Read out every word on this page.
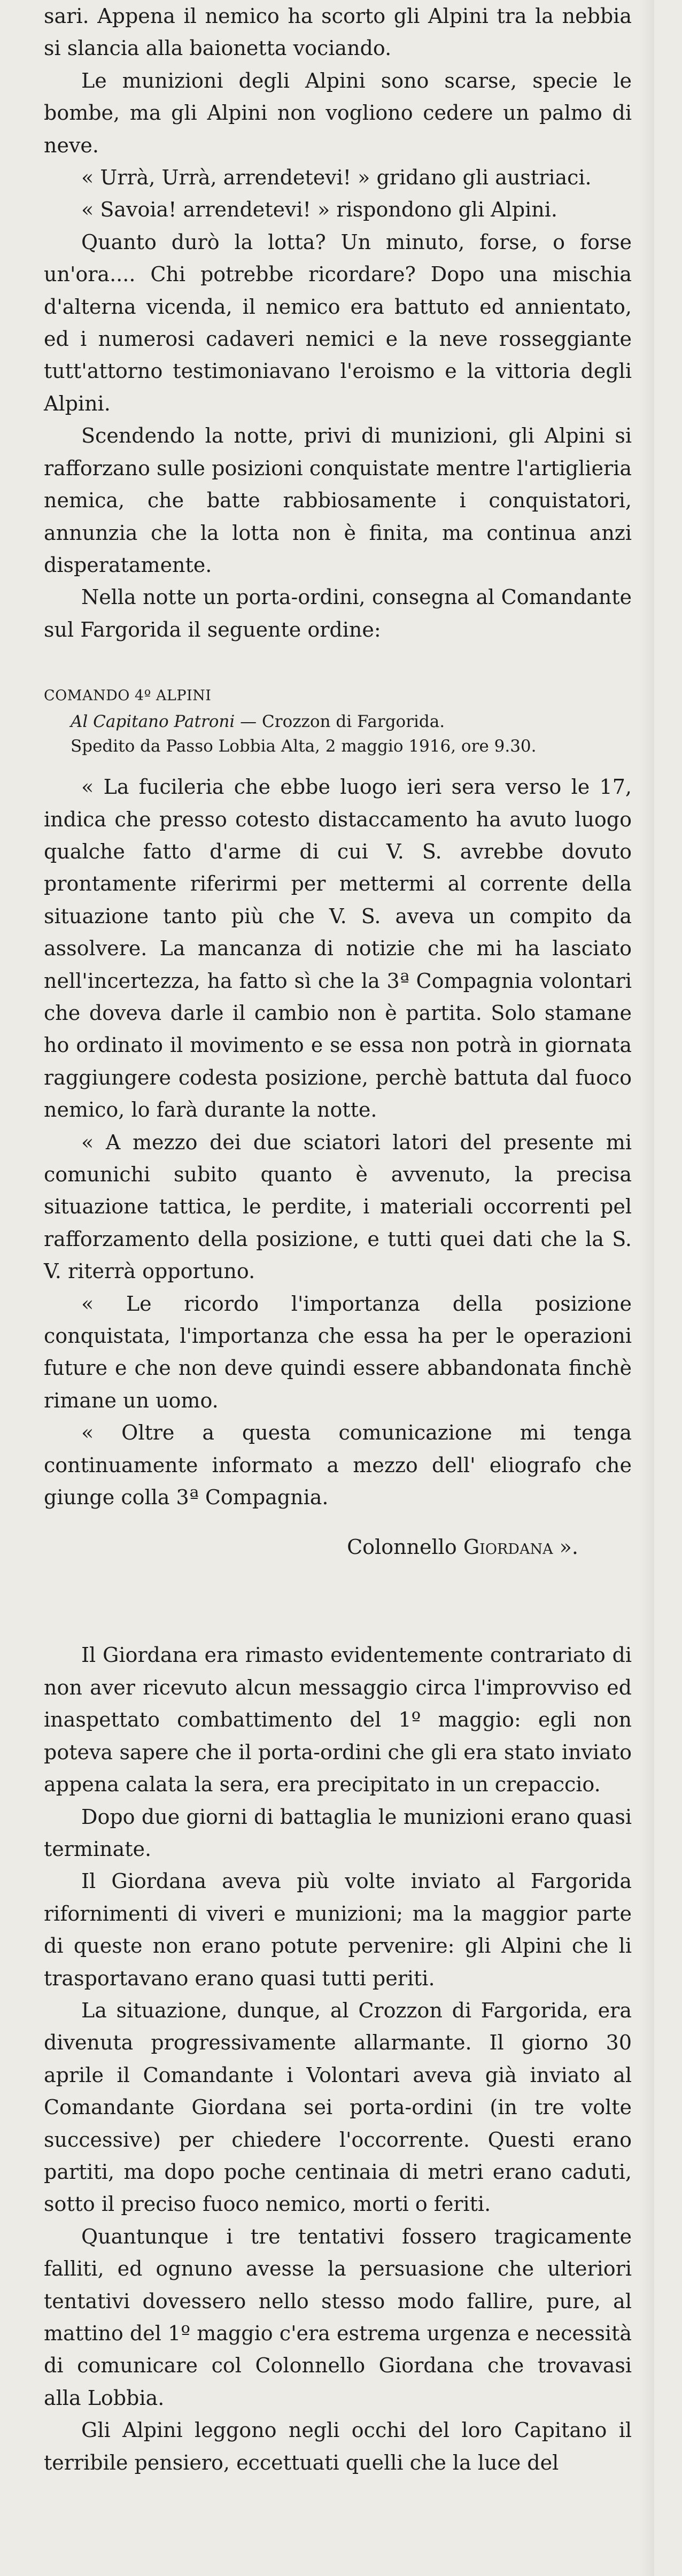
sari. Appena il nemico ha scorto gli Alpini tra la nebbia si slancia alla baionetta vociando.

Le munizioni degli Alpini sono scarse, specie le bombe, ma gli Alpini non vogliono cedere un palmo di neve.

« Urrà, Urrà, arrendetevi! » gridano gli austriaci.

« Savoia! arrendetevi! » rispondono gli Alpini.

Quanto durò la lotta? Un minuto, forse, o forse un'ora.... Chi potrebbe ricordare? Dopo una mischia d'alterna vicenda, il nemico era battuto ed annientato, ed i numerosi cadaveri nemici e la neve rosseggiante tutt'attorno testimoniavano l'eroismo e la vittoria degli Alpini.

Scendendo la notte, privi di munizioni, gli Alpini si rafforzano sulle posizioni conquistate mentre l'artiglieria nemica, che batte rabbiosamente i conquistatori, annunzia che la lotta non è finita, ma continua anzi disperatamente.

Nella notte un porta-ordini, consegna al Comandante sul Fargorida il seguente ordine:

COMANDO 4º ALPINI

Al Capitano Patroni — Crozzon di Fargorida.

Spedito da Passo Lobbia Alta, 2 maggio 1916, ore 9.30.

« La fucileria che ebbe luogo ieri sera verso le 17, indica che presso cotesto distaccamento ha avuto luogo qualche fatto d'arme di cui V. S. avrebbe dovuto prontamente riferirmi per mettermi al corrente della situazione tanto più che V. S. aveva un compito da assolvere. La mancanza di notizie che mi ha lasciato nell'incertezza, ha fatto sì che la 3ª Compagnia volontari che doveva darle il cambio non è partita. Solo stamane ho ordinato il movimento e se essa non potrà in giornata raggiungere codesta posizione, perchè battuta dal fuoco nemico, lo farà durante la notte.

« A mezzo dei due sciatori latori del presente mi comunichi subito quanto è avvenuto, la precisa situazione tattica, le perdite, i materiali occorrenti pel rafforzamento della posizione, e tutti quei dati che la S. V. riterrà opportuno.

« Le ricordo l'importanza della posizione conquistata, l'importanza che essa ha per le operazioni future e che non deve quindi essere abbandonata finchè rimane un uomo.

« Oltre a questa comunicazione mi tenga continuamente informato a mezzo dell' eliografo che giunge colla 3ª Compagnia.

Colonnello Giordana ».

Il Giordana era rimasto evidentemente contrariato di non aver ricevuto alcun messaggio circa l'improvviso ed inaspettato combattimento del 1º maggio: egli non poteva sapere che il porta-ordini che gli era stato inviato appena calata la sera, era precipitato in un crepaccio.

Dopo due giorni di battaglia le munizioni erano quasi terminate.

Il Giordana aveva più volte inviato al Fargorida rifornimenti di viveri e munizioni; ma la maggior parte di queste non erano potute pervenire: gli Alpini che li trasportavano erano quasi tutti periti.

La situazione, dunque, al Crozzon di Fargorida, era divenuta progressivamente allarmante. Il giorno 30 aprile il Comandante i Volontari aveva già inviato al Comandante Giordana sei porta-ordini (in tre volte successive) per chiedere l'occorrente. Questi erano partiti, ma dopo poche centinaia di metri erano caduti, sotto il preciso fuoco nemico, morti o feriti.

Quantunque i tre tentativi fossero tragicamente falliti, ed ognuno avesse la persuasione che ulteriori tentativi dovessero nello stesso modo fallire, pure, al mattino del 1º maggio c'era estrema urgenza e necessità di comunicare col Colonnello Giordana che trovavasi alla Lobbia.

Gli Alpini leggono negli occhi del loro Capitano il terribile pensiero, eccettuati quelli che la luce del
